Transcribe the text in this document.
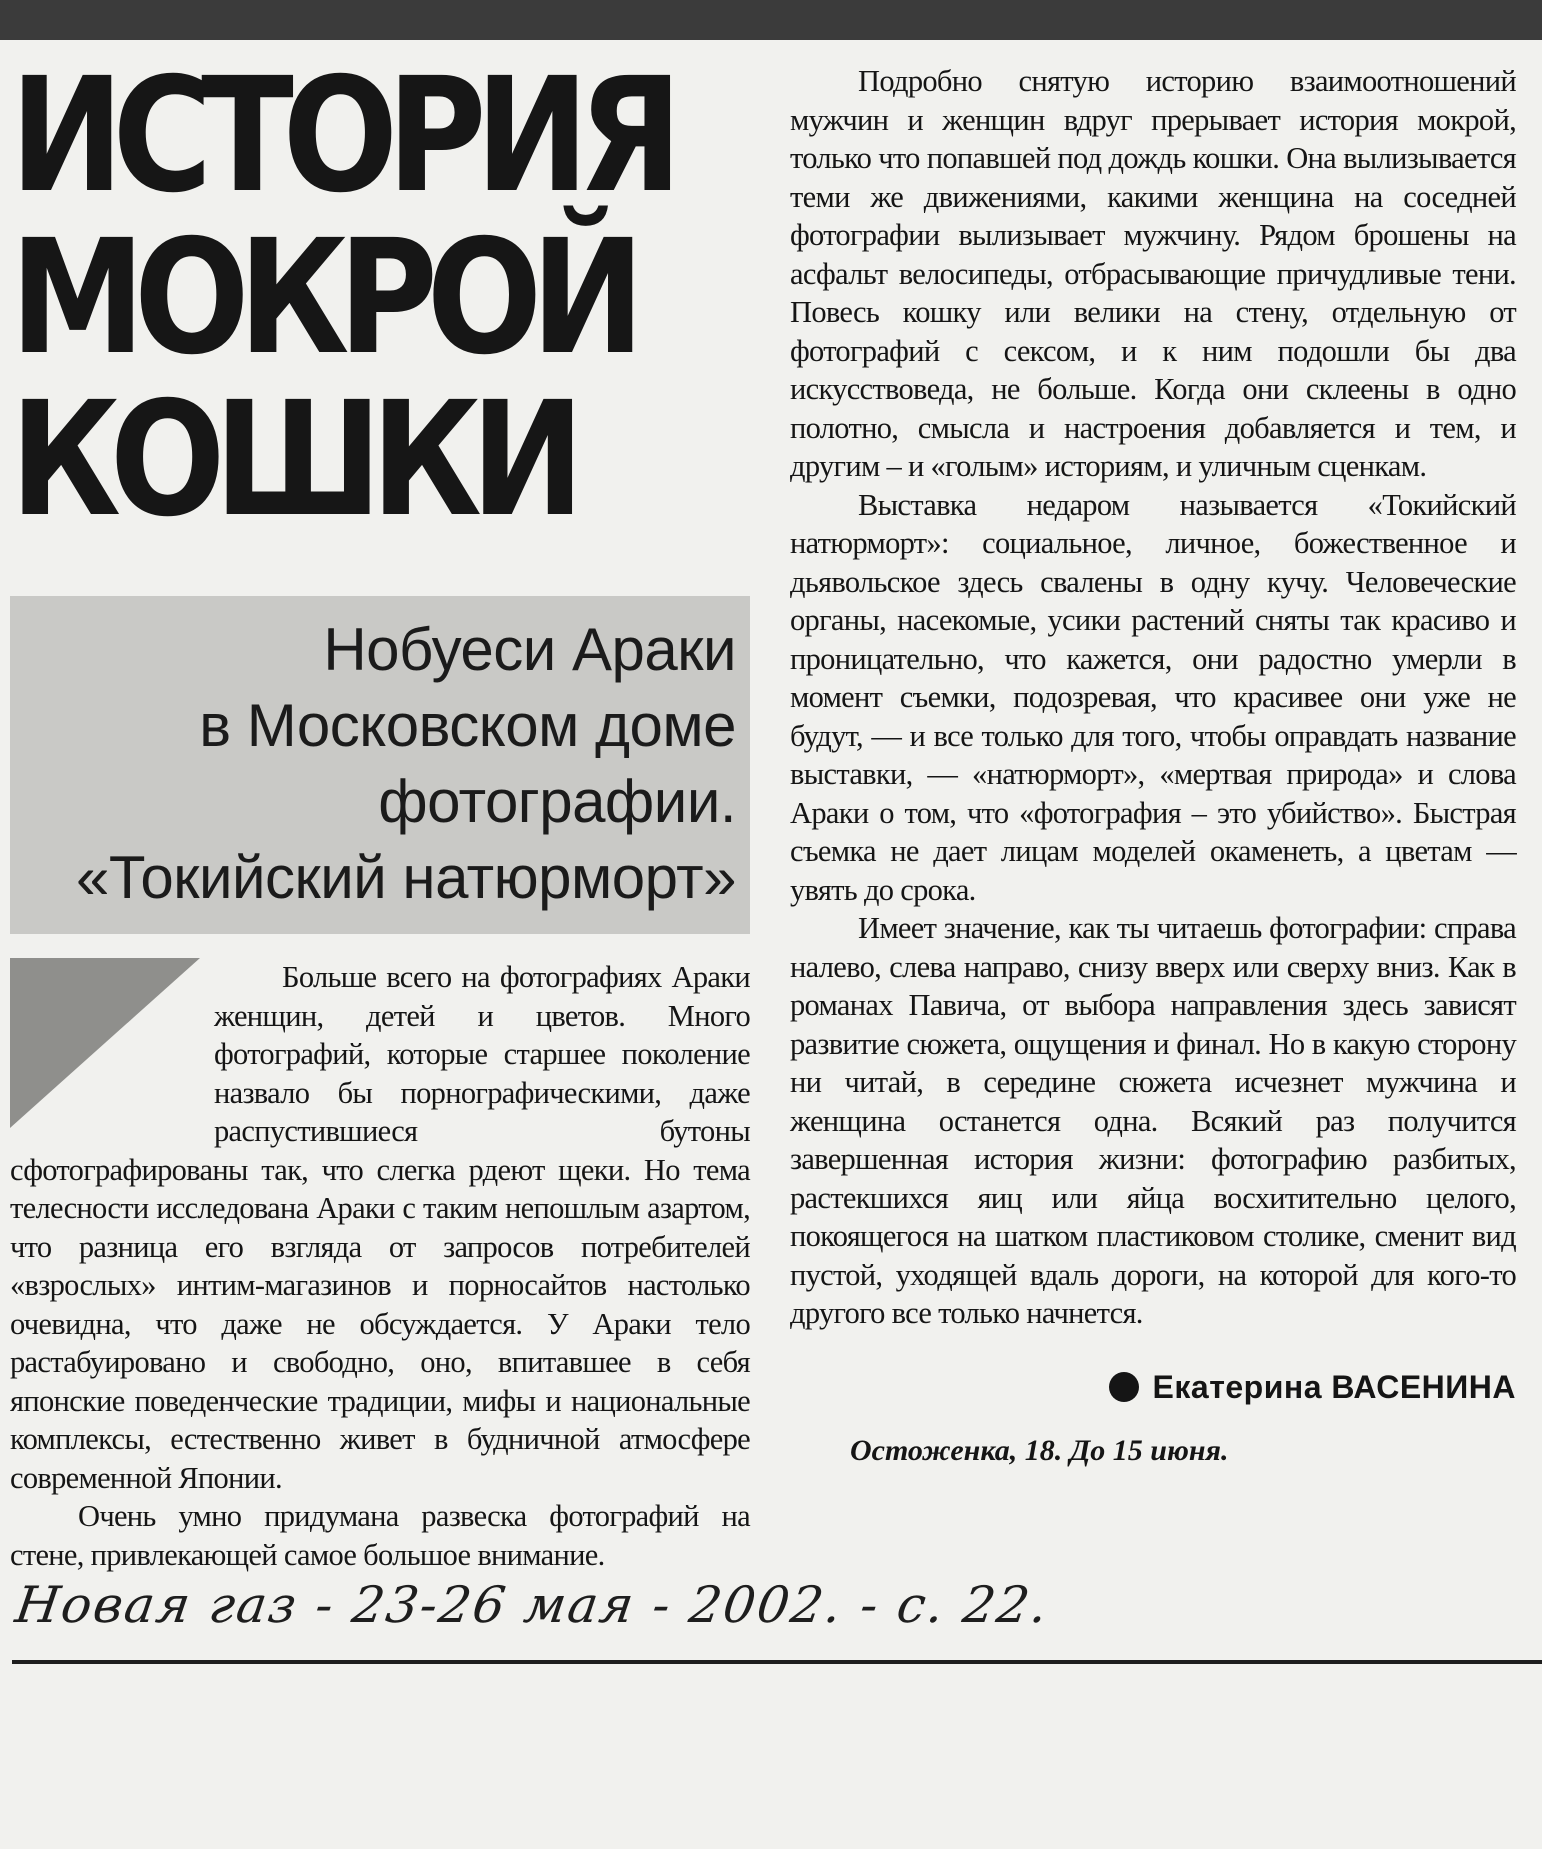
ИСТОРИЯ
МОКРОЙ
КОШКИ
Нобуеси Араки
в Московском доме
фотографии.
«Токийский натюрморт»

Больше всего на фотографиях Араки женщин, детей и цветов. Много фотографий, которые старшее поколение назвало бы порнографическими, даже распустившиеся бутоны сфотографированы так, что слегка рдеют щеки. Но тема телесности исследована Араки с таким непошлым азартом, что разница его взгляда от запросов потребителей «взрослых» интим-магазинов и порносайтов настолько очевидна, что даже не обсуждается. У Араки тело растабуировано и свободно, оно, впитавшее в себя японские поведенческие традиции, мифы и национальные комплексы, естественно живет в будничной атмосфере современной Японии.

Очень умно придумана развеска фотографий на стене, привлекающей самое большое внимание.

Подробно снятую историю взаимоотношений мужчин и женщин вдруг прерывает история мокрой, только что попавшей под дождь кошки. Она вылизывается теми же движениями, какими женщина на соседней фотографии вылизывает мужчину. Рядом брошены на асфальт велосипеды, отбрасывающие причудливые тени. Повесь кошку или велики на стену, отдельную от фотографий с сексом, и к ним подошли бы два искусствоведа, не больше. Когда они склеены в одно полотно, смысла и настроения добавляется и тем, и другим – и «голым» историям, и уличным сценкам.

Выставка недаром называется «Токийский натюрморт»: социальное, личное, божественное и дьявольское здесь свалены в одну кучу. Человеческие органы, насекомые, усики растений сняты так красиво и проницательно, что кажется, они радостно умерли в момент съемки, подозревая, что красивее они уже не будут, — и все только для того, чтобы оправдать название выставки, — «натюрморт», «мертвая природа» и слова Араки о том, что «фотография – это убийство». Быстрая съемка не дает лицам моделей окаменеть, а цветам — увять до срока.

Имеет значение, как ты читаешь фотографии: справа налево, слева направо, снизу вверх или сверху вниз. Как в романах Павича, от выбора направления здесь зависят развитие сюжета, ощущения и финал. Но в какую сторону ни читай, в середине сюжета исчезнет мужчина и женщина останется одна. Всякий раз получится завершенная история жизни: фотографию разбитых, растекшихся яиц или яйца восхитительно целого, покоящегося на шатком пластиковом столике, сменит вид пустой, уходящей вдаль дороги, на которой для кого-то другого все только начнется.

Екатерина ВАСЕНИНА
Остоженка, 18. До 15 июня.
Новая газ - 23-26 мая - 2002. - с. 22.
